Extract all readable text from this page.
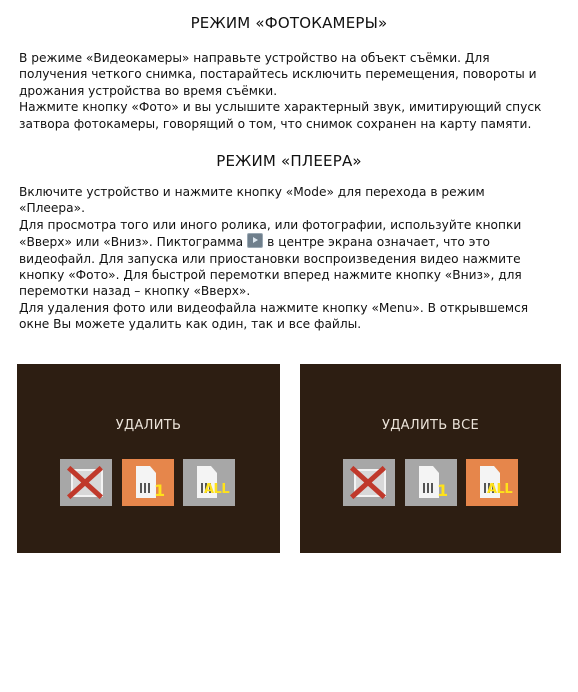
РЕЖИМ «ФОТОКАМЕРЫ»
В режиме «Видеокамеры» направьте устройство на объект съёмки. Для
получения четкого снимка, постарайтесь исключить перемещения, повороты и
дрожания устройства во время съёмки.
Нажмите кнопку «Фото» и вы услышите характерный звук, имитирующий спуск
затвора фотокамеры, говорящий о том, что снимок сохранен на карту памяти.
РЕЖИМ «ПЛЕЕРА»
Включите устройство и нажмите кнопку «Mode» для перехода в режим
«Плеера».
Для просмотра того или иного ролика, или фотографии, используйте кнопки
«Вверх» или «Вниз». Пиктограмма в центре экрана означает, что это
видеофайл. Для запуска или приостановки воспроизведения видео нажмите
кнопку «Фото». Для быстрой перемотки вперед нажмите кнопку «Вниз», для
перемотки назад – кнопку «Вверх».
Для удаления фото или видеофайла нажмите кнопку «Menu». В открывшемся
окне Вы можете удалить как один, так и все файлы.
УДАЛИТЬ
1	ALL
УДАЛИТЬ ВСЕ
1	ALL
